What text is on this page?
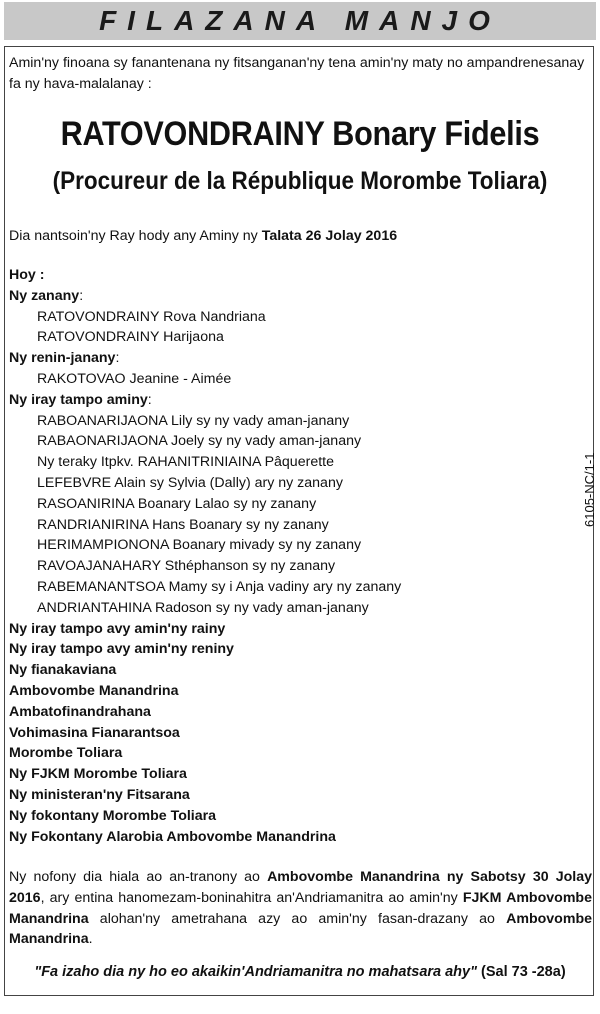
FILAZANA MANJO
Amin'ny finoana sy fanantenana ny fitsanganan'ny tena amin'ny maty no ampandrenesanay fa ny hava-malalanay :
RATOVONDRAINY Bonary Fidelis
(Procureur de la République Morombe Toliara)
Dia nantsoin'ny Ray hody any Aminy ny Talata 26 Jolay 2016
Hoy :
Ny zanany:
RATOVONDRAINY Rova Nandriana
RATOVONDRAINY Harijaona
Ny renin-janany:
RAKOTOVAO Jeanine - Aimée
Ny iray tampo aminy:
RABOANARIJAONA Lily sy ny vady aman-janany
RABAONARIJAONA Joely sy ny vady aman-janany
Ny teraky Itpkv. RAHANITRINIAINA Pâquerette
LEFEBVRE Alain sy Sylvia (Dally) ary ny zanany
RASOANIRINA Boanary Lalao sy ny zanany
RANDRIANIRINA Hans Boanary sy ny zanany
HERIMAMPIONONA Boanary mivady sy ny zanany
RAVOAJANAHARY Sthéphanson sy ny zanany
RABEMANANTSOA Mamy sy i Anja vadiny ary ny zanany
ANDRIANTAHINA Radoson sy ny vady aman-janany
Ny iray tampo avy amin'ny rainy
Ny iray tampo avy amin'ny reniny
Ny fianakaviana
Ambovombe Manandrina
Ambatofinandrahana
Vohimasina Fianarantsoa
Morombe Toliara
Ny FJKM Morombe Toliara
Ny ministeran'ny Fitsarana
Ny fokontany Morombe Toliara
Ny Fokontany Alarobia Ambovombe Manandrina
Ny nofony dia hiala ao an-tranony ao Ambovombe Manandrina ny Sabotsy 30 Jolay 2016, ary entina hanomezam-boninahitra an'Andriamanitra ao amin'ny FJKM Ambovombe Manandrina alohan'ny ametrahana azy ao amin'ny fasan-drazany ao Ambovombe Manandrina.
"Fa izaho dia ny ho eo akaikin'Andriamanitra no mahatsara ahy" (Sal 73 -28a)
6105-NC/1-1
